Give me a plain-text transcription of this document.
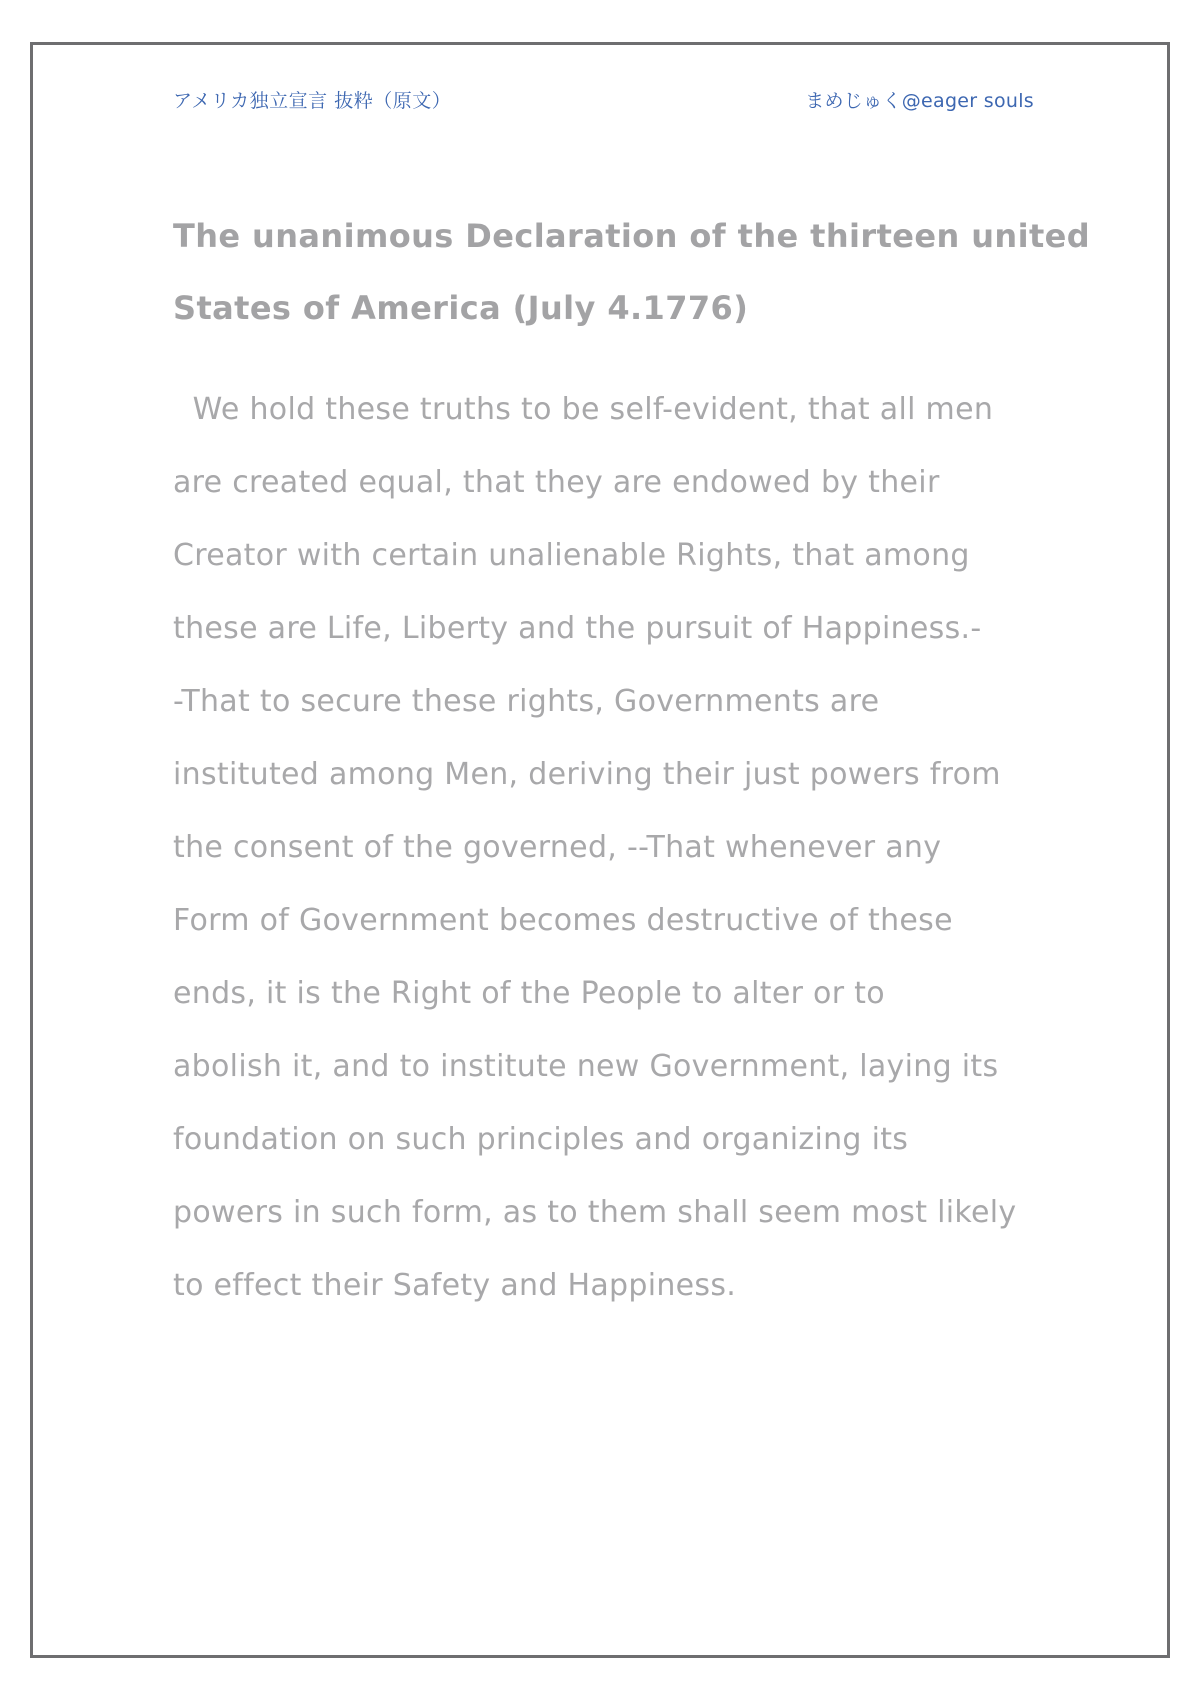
アメリカ独立宣言 抜粋（原文）	まめじゅく@eager souls
The unanimous Declaration of the thirteen united
States of America (July 4.1776)

We hold these truths to be self-evident, that all men
are created equal, that they are endowed by their
Creator with certain unalienable Rights, that among
these are Life, Liberty and the pursuit of Happiness.-
-That to secure these rights, Governments are
instituted among Men, deriving their just powers from
the consent of the governed, --That whenever any
Form of Government becomes destructive of these
ends, it is the Right of the People to alter or to
abolish it, and to institute new Government, laying its
foundation on such principles and organizing its
powers in such form, as to them shall seem most likely
to effect their Safety and Happiness.
